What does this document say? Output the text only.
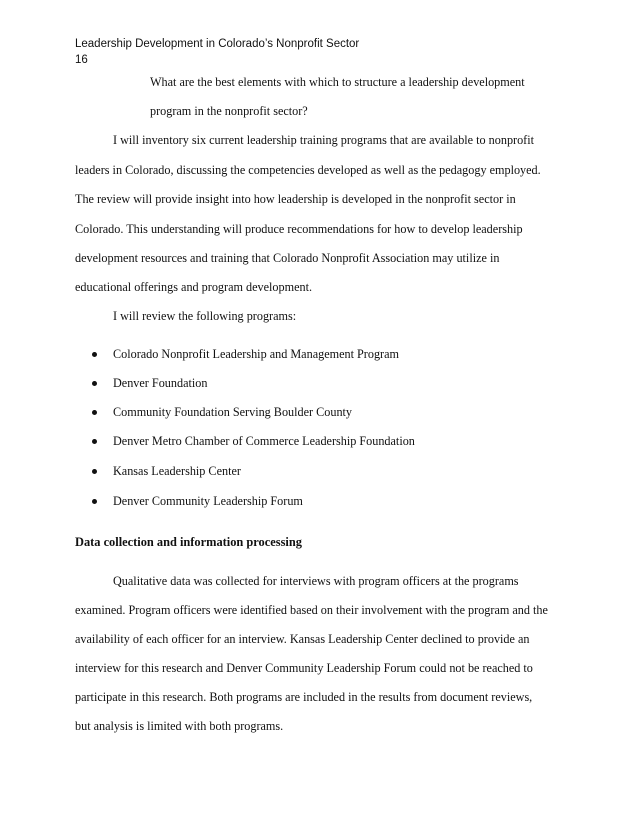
Leadership Development in Colorado’s Nonprofit Sector
16
What are the best elements with which to structure a leadership development
program in the nonprofit sector?
I will inventory six current leadership training programs that are available to nonprofit
leaders in Colorado, discussing the competencies developed as well as the pedagogy employed.
The review will provide insight into how leadership is developed in the nonprofit sector in
Colorado. This understanding will produce recommendations for how to develop leadership
development resources and training that Colorado Nonprofit Association may utilize in
educational offerings and program development.
I will review the following programs:
Colorado Nonprofit Leadership and Management Program
Denver Foundation
Community Foundation Serving Boulder County
Denver Metro Chamber of Commerce Leadership Foundation
Kansas Leadership Center
Denver Community Leadership Forum
Data collection and information processing
Qualitative data was collected for interviews with program officers at the programs
examined. Program officers were identified based on their involvement with the program and the
availability of each officer for an interview. Kansas Leadership Center declined to provide an
interview for this research and Denver Community Leadership Forum could not be reached to
participate in this research. Both programs are included in the results from document reviews,
but analysis is limited with both programs.
